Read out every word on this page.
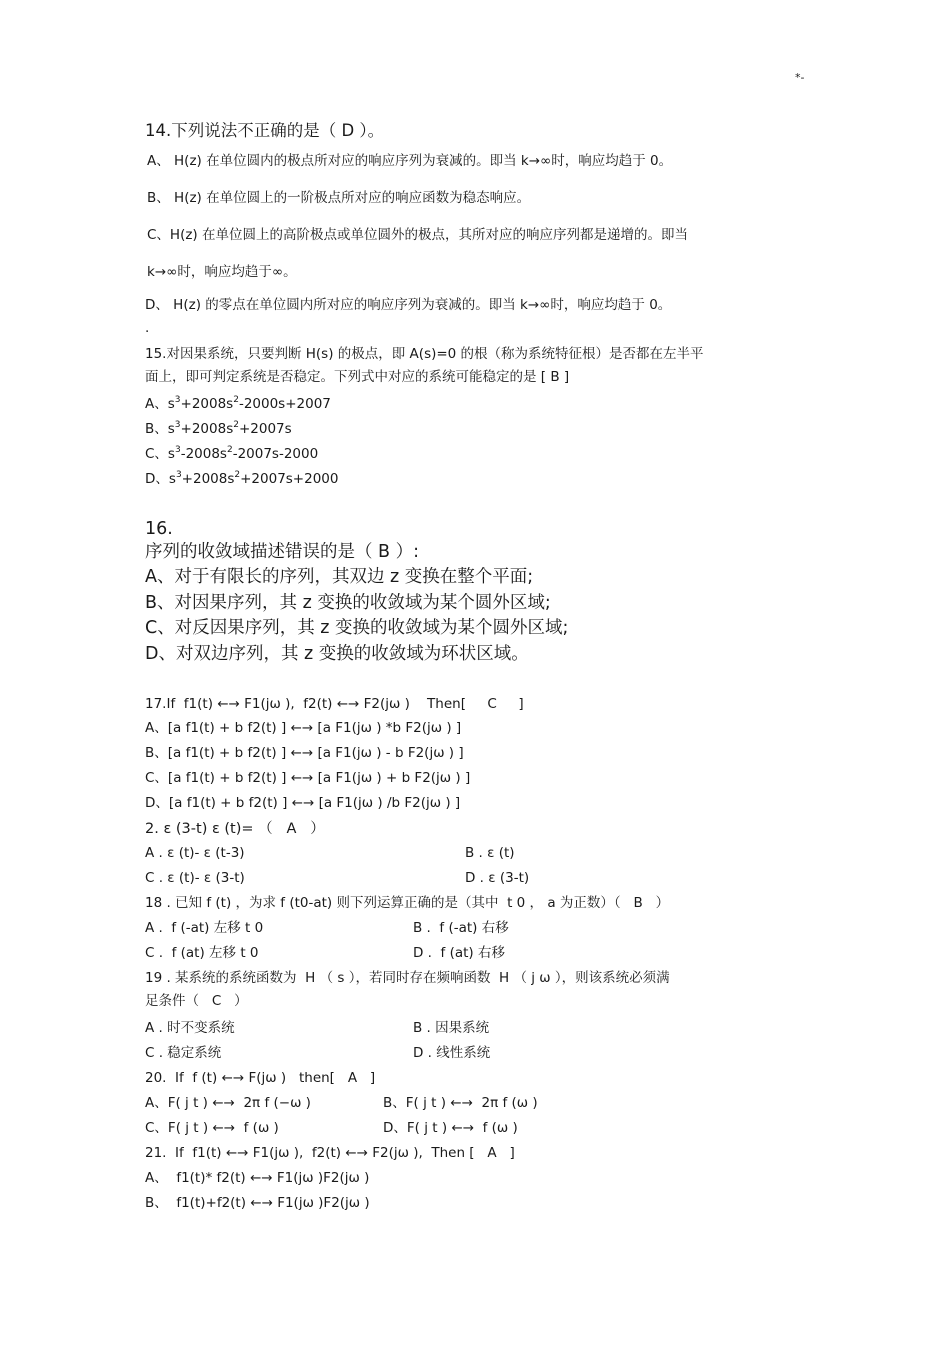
*-
14.下列说法不正确的是（ D ）。
A、 H(z) 在单位圆内的极点所对应的响应序列为衰减的。即当 k→∞时，响应均趋于 0。
B、 H(z) 在单位圆上的一阶极点所对应的响应函数为稳态响应。
C、H(z) 在单位圆上的高阶极点或单位圆外的极点，其所对应的响应序列都是递增的。即当
k→∞时，响应均趋于∞。
D、 H(z) 的零点在单位圆内所对应的响应序列为衰减的。即当 k→∞时，响应均趋于 0。
.
15.对因果系统，只要判断 H(s) 的极点，即 A(s)=0 的根（称为系统特征根）是否都在左半平
面上，即可判定系统是否稳定。下列式中对应的系统可能稳定的是 [ B ]
A、$s^3+2008s^2-2000s+2007$
B、$s^3+2008s^2+2007s$
C、$s^3-2008s^2-2007s-2000$
D、$s^3+2008s^2+2007s+2000$
16.
序列的收敛域描述错误的是（ B ）:
A、对于有限长的序列，其双边 z 变换在整个平面;
B、对因果序列，其 z 变换的收敛域为某个圆外区域;
C、对反因果序列，其 z 变换的收敛域为某个圆外区域;
D、对双边序列，其 z 变换的收敛域为环状区域。
17.If  f1(t) ←→ F1(jω ),  f2(t) ←→ F2(jω )    Then[     C     ]
A、[a f1(t) + b f2(t) ] ←→ [a F1(jω ) *b F2(jω ) ]
B、[a f1(t) + b f2(t) ] ←→ [a F1(jω ) - b F2(jω ) ]
C、[a f1(t) + b f2(t) ] ←→ [a F1(jω ) + b F2(jω ) ]
D、[a f1(t) + b f2(t) ] ←→ [a F1(jω ) /b F2(jω ) ]
2. ε (3-t) ε (t)= （   A   ）
A . ε (t)- ε (t-3)	B . ε (t)
C . ε (t)- ε (3-t)	D . ε (3-t)
18 . 已知 f (t) ，为求 f (t0-at) 则下列运算正确的是（其中  t 0 ， a 为正数）（   B   ）
A .  f (-at) 左移 t 0	B .  f (-at) 右移
C .  f (at) 左移 t 0	D .  f (at) 右移
19 . 某系统的系统函数为  H （ s ），若同时存在频响函数  H （ j ω ），则该系统必须满
足条件（   C   ）
A . 时不变系统	B . 因果系统
C . 稳定系统	D . 线性系统
20.  If  f (t) ←→ F(jω )   then[   A   ]
A、F( j t ) ←→  2π f (−ω )	B、F( j t ) ←→  2π f (ω )
C、F( j t ) ←→  f (ω )	D、F( j t ) ←→  f (ω )
21.  If  f1(t) ←→ F1(jω ),  f2(t) ←→ F2(jω ),  Then [   A   ]
A、  f1(t)* f2(t) ←→ F1(jω )F2(jω )
B、  f1(t)+f2(t) ←→ F1(jω )F2(jω )
